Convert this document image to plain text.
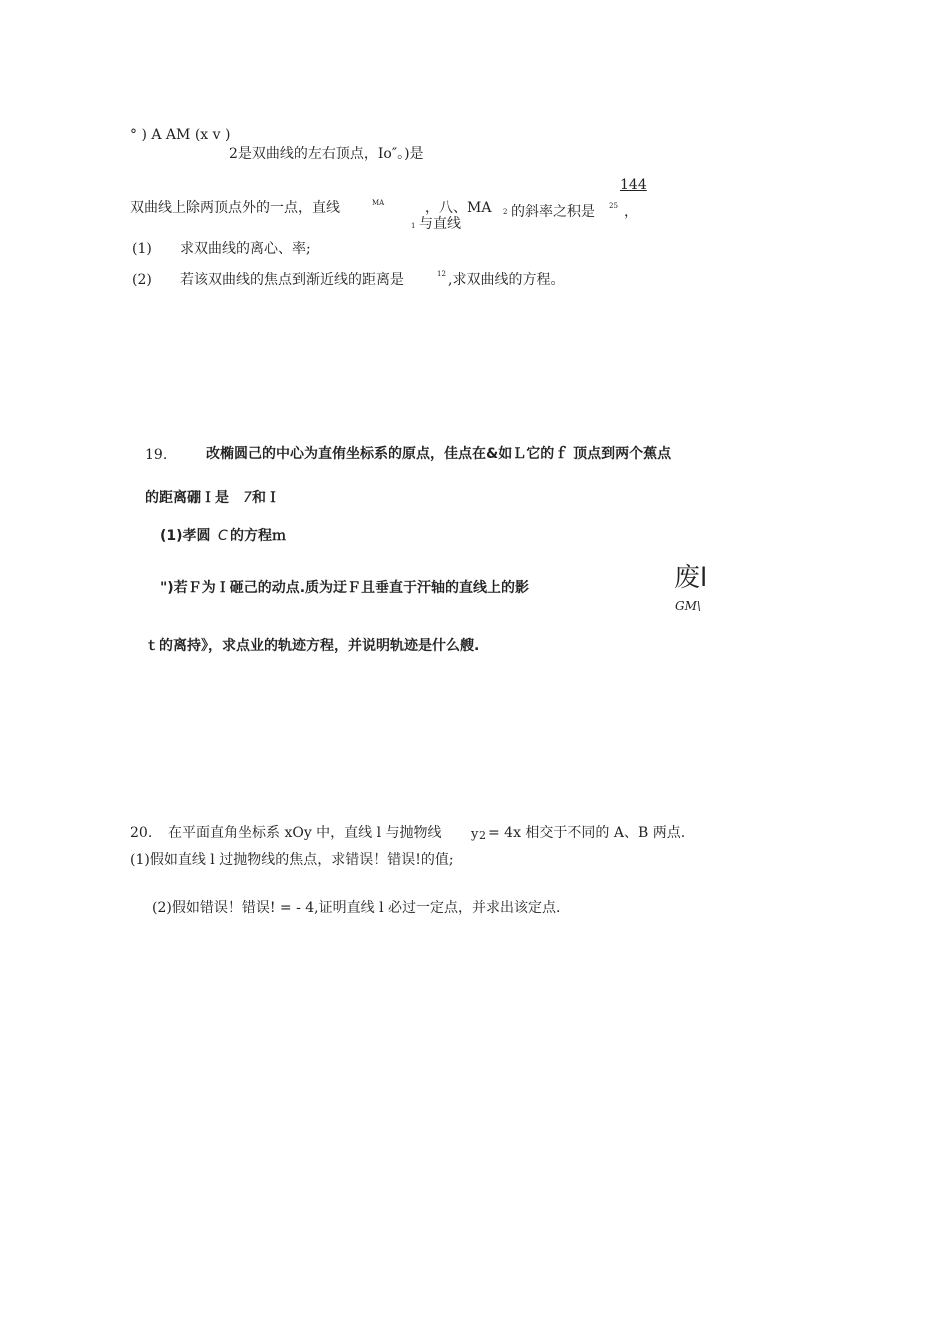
° ) A AM (x v )
2是双曲线的左右顶点，Io″。)是
144
双曲线上除两顶点外的一点，直线	MA	，八、MA
1 与直线
2 的斜率之积是 25 ，
(1) 求双曲线的离心、率;
(2) 若该双曲线的焦点到渐近线的距离是	12 ,求双曲线的方程。
19.	改椭圆己的中心为直侑坐标系的原点，佳点在&如Ｌ它的ｆ 顶点到两个蕉点
的距离硼Ｉ是 7 和Ｉ
(1)孝圆 C 的方程ｍ
")若Ｆ为Ｉ砸己的动点.质为迂Ｆ且垂直于汗轴的直线上的影	废l
GM\
ｔ的离持》，求点业的轨迹方程，并说明轨迹是什么艘.
20. 在平面直角坐标系 xOy 中，直线 l 与抛物线 y 2 = 4x 相交于不同的 A、B 两点.
(1)假如直线 l 过抛物线的焦点，求错误！错误!的值;
(2)假如错误！错误! = - 4,证明直线 l 必过一定点，并求出该定点.
